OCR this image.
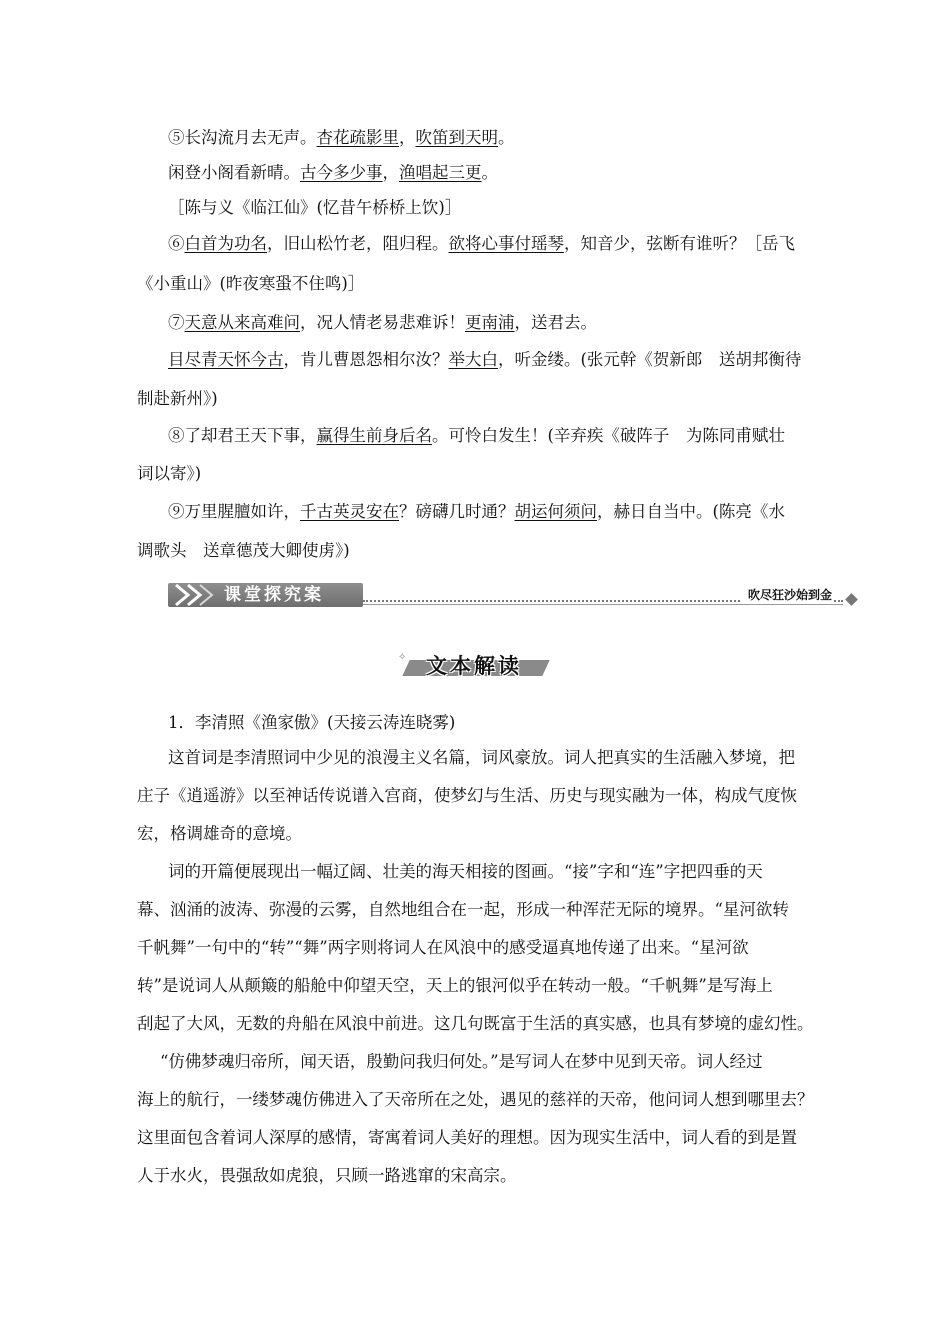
⑤长沟流月去无声。杏花疏影里，吹笛到天明。
闲登小阁看新晴。古今多少事，渔唱起三更。
［陈与义《临江仙》(忆昔午桥桥上饮)］
⑥白首为功名，旧山松竹老，阻归程。欲将心事付瑶琴，知音少，弦断有谁听？［岳飞
《小重山》(昨夜寒蛩不住鸣)］
⑦天意从来高难问，况人情老易悲难诉！更南浦，送君去。
目尽青天怀今古，肯儿曹恩怨相尔汝？举大白，听金缕。(张元幹《贺新郎　送胡邦衡待
制赴新州》)
⑧了却君王天下事，赢得生前身后名。可怜白发生！(辛弃疾《破阵子　为陈同甫赋壮
词以寄》)
⑨万里腥膻如许，千古英灵安在？磅礴几时通？胡运何须问，赫日自当中。(陈亮《水
调歌头　送章德茂大卿使虏》)
课堂探究案	吹尽狂沙始到金
✧ 文本解读
1．李清照《渔家傲》(天接云涛连晓雾)
这首词是李清照词中少见的浪漫主义名篇，词风豪放。词人把真实的生活融入梦境，把
庄子《逍遥游》以至神话传说谱入宫商，使梦幻与生活、历史与现实融为一体，构成气度恢
宏，格调雄奇的意境。
词的开篇便展现出一幅辽阔、壮美的海天相接的图画。“接”字和“连”字把四垂的天
幕、汹涌的波涛、弥漫的云雾，自然地组合在一起，形成一种浑茫无际的境界。“星河欲转
千帆舞”一句中的“转”“舞”两字则将词人在风浪中的感受逼真地传递了出来。“星河欲
转”是说词人从颠簸的船舱中仰望天空，天上的银河似乎在转动一般。“千帆舞”是写海上
刮起了大风，无数的舟船在风浪中前进。这几句既富于生活的真实感，也具有梦境的虚幻性。
“仿佛梦魂归帝所，闻天语，殷勤问我归何处。”是写词人在梦中见到天帝。词人经过
海上的航行，一缕梦魂仿佛进入了天帝所在之处，遇见的慈祥的天帝，他问词人想到哪里去？
这里面包含着词人深厚的感情，寄寓着词人美好的理想。因为现实生活中，词人看的到是置
人于水火，畏强敌如虎狼，只顾一路逃窜的宋高宗。
